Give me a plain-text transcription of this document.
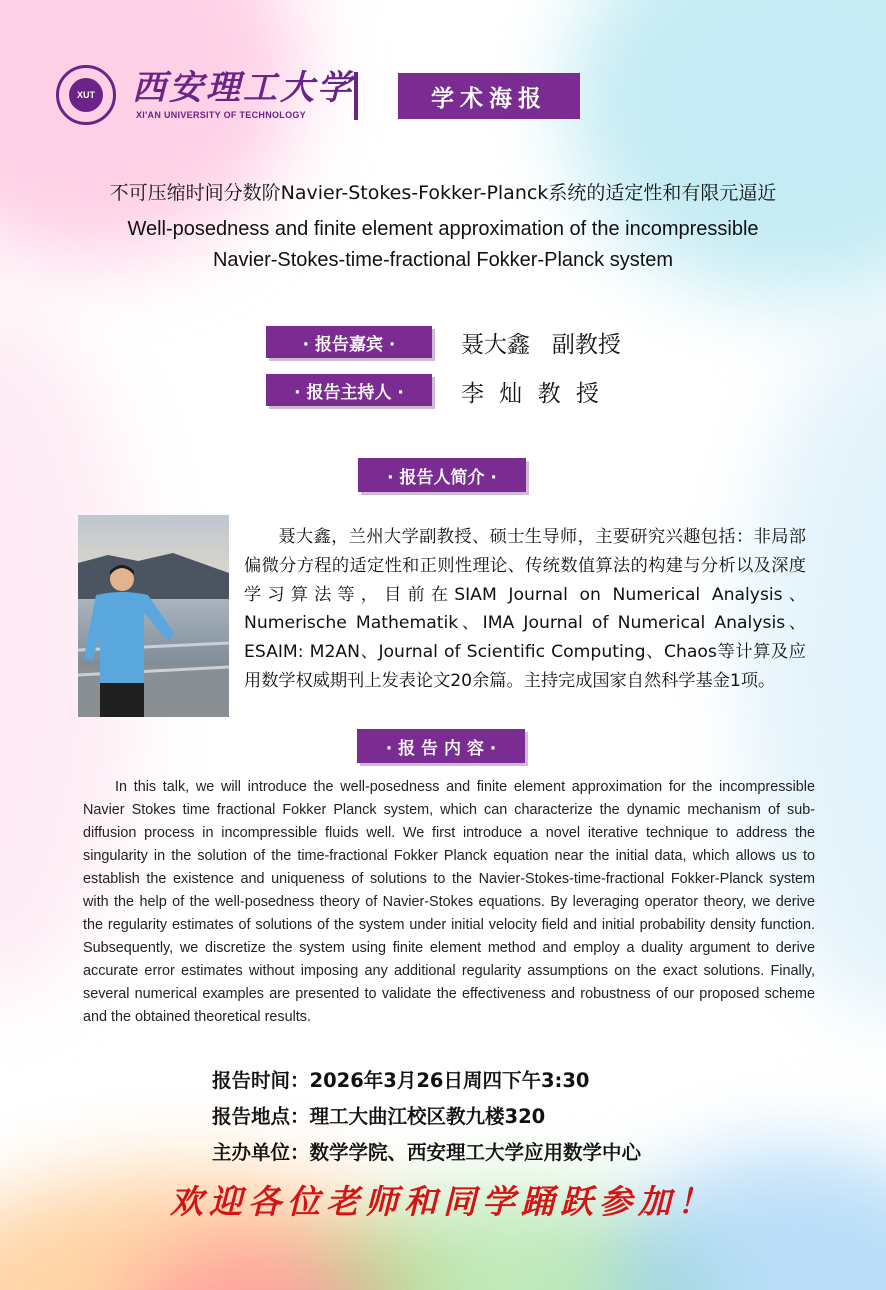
XUT 西安理工大学
XI'AN UNIVERSITY OF TECHNOLOGY
学术海报
不可压缩时间分数阶Navier-Stokes-Fokker-Planck系统的适定性和有限元逼近
Well-posedness and finite element approximation of the incompressible
Navier-Stokes-time-fractional Fokker-Planck system
· 报告嘉宾 ·	聂大鑫   副教授
· 报告主持人 ·	李 灿 教 授
· 报告人简介 ·
聂大鑫，兰州大学副教授、硕士生导师，主要研究兴趣包括：非局部偏微分方程的适定性和正则性理论、传统数值算法的构建与分析以及深度学习算法等，目前在SIAM Journal on Numerical Analysis、Numerische Mathematik、IMA Journal of Numerical Analysis、ESAIM: M2AN、Journal of Scientific Computing、Chaos等计算及应用数学权威期刊上发表论文20余篇。主持完成国家自然科学基金1项。
· 报 告 内 容 ·
In this talk, we will introduce the well-posedness and finite element approximation for the incompressible Navier Stokes time fractional Fokker Planck system, which can characterize the dynamic mechanism of sub-diffusion process in incompressible fluids well. We first introduce a novel iterative technique to address the singularity in the solution of the time-fractional Fokker Planck equation near the initial data, which allows us to establish the existence and uniqueness of solutions to the Navier-Stokes-time-fractional Fokker-Planck system with the help of the well-posedness theory of Navier-Stokes equations. By leveraging operator theory, we derive the regularity estimates of solutions of the system under initial velocity field and initial probability density function. Subsequently, we discretize the system using finite element method and employ a duality argument to derive accurate error estimates without imposing any additional regularity assumptions on the exact solutions. Finally, several numerical examples are presented to validate the effectiveness and robustness of our proposed scheme and the obtained theoretical results.
报告时间：2026年3月26日周四下午3:30
报告地点：理工大曲江校区教九楼320
主办单位：数学学院、西安理工大学应用数学中心
欢迎各位老师和同学踊跃参加！
